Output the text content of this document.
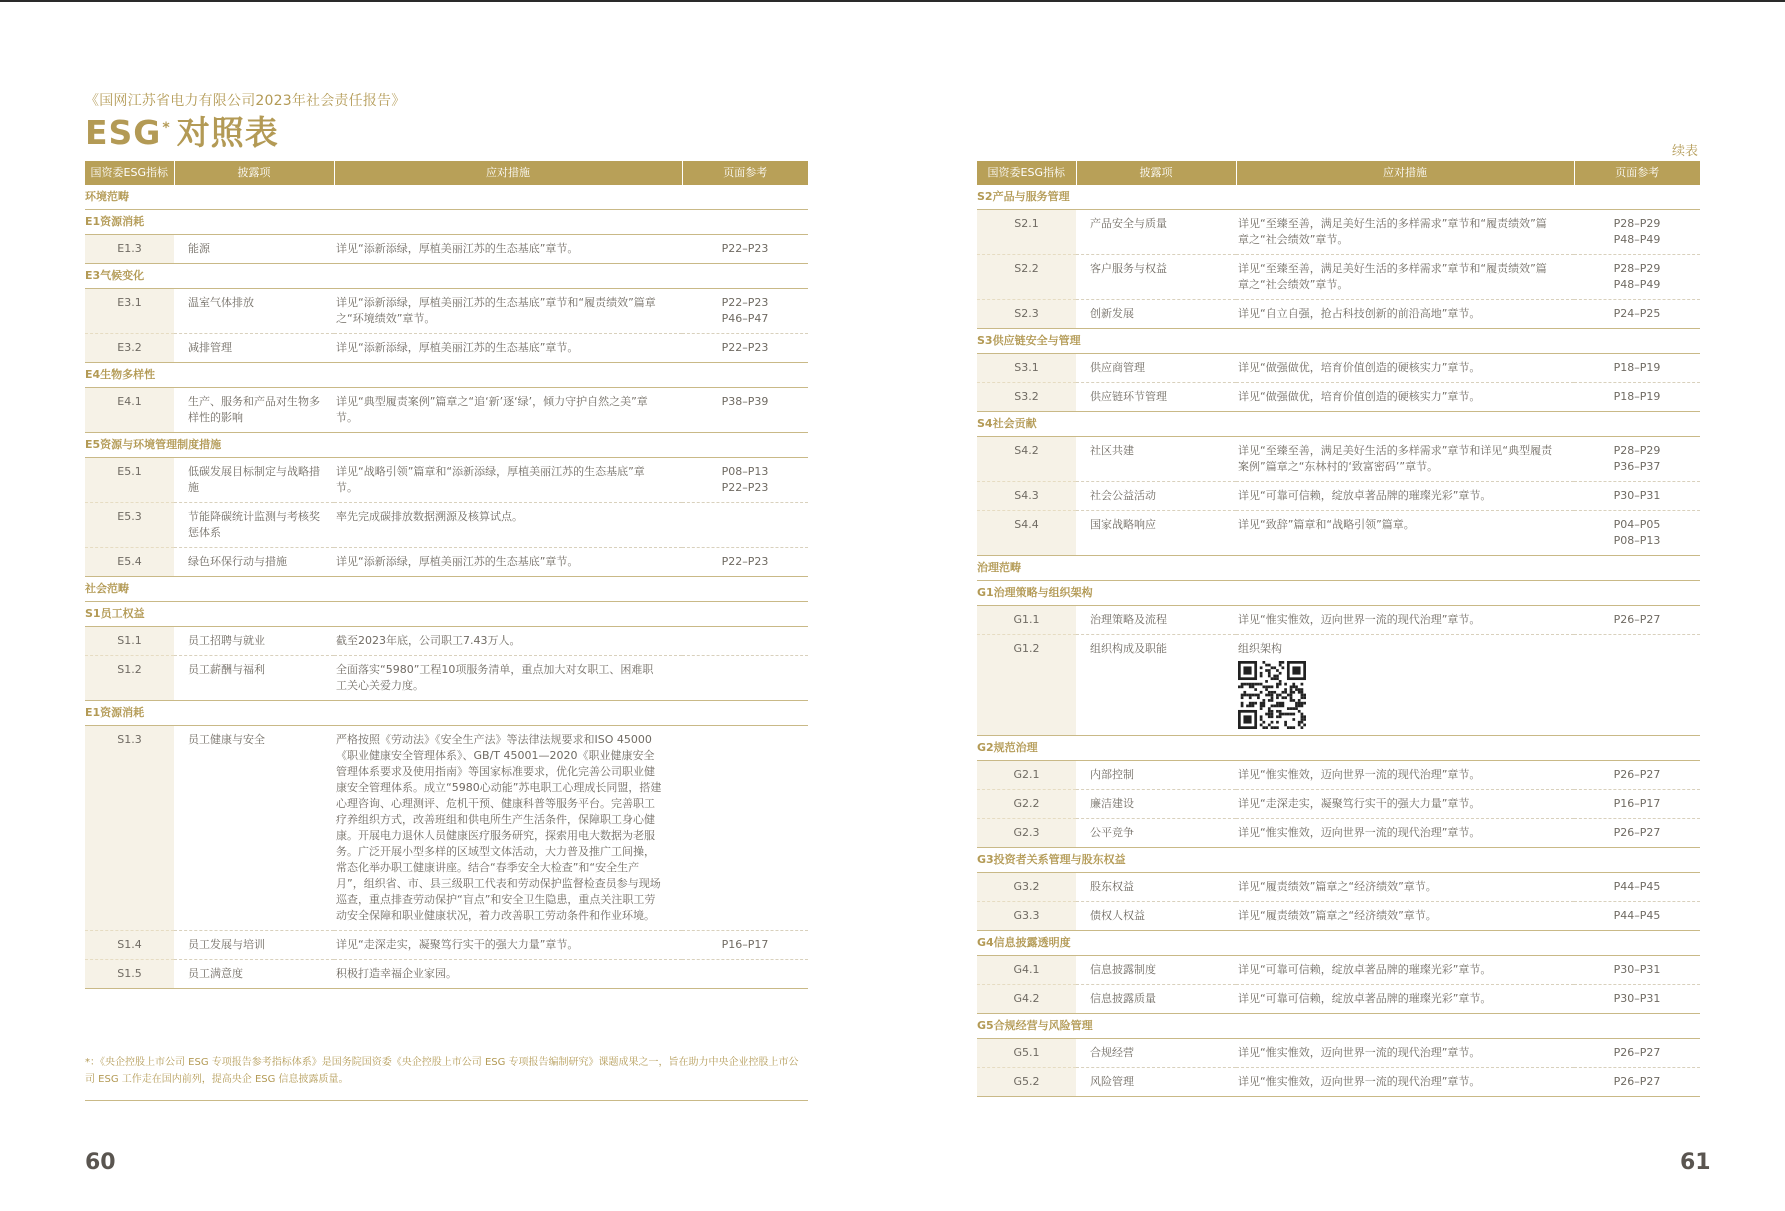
《国网江苏省电力有限公司2023年社会责任报告》
ESG* 对照表	续表
国资委ESG指标	披露项	应对措施	页面参考
环境范畴			
E1资源消耗			
E1.3	能源	详见“添新添绿，厚植美丽江苏的生态基底”章节。	P22–P23

E3气候变化			
E3.1	温室气体排放	详见“添新添绿，厚植美丽江苏的生态基底”章节和“履责绩效”篇章之“环境绩效”章节。	P22–P23
P46–P47

E3.2	减排管理	详见“添新添绿，厚植美丽江苏的生态基底”章节。	P22–P23

E4生物多样性			
E4.1	生产、服务和产品对生物多样性的影响	详见“典型履责案例”篇章之“追‘新’逐‘绿’，倾力守护自然之美”章节。	P38–P39

E5资源与环境管理制度措施			
E5.1	低碳发展目标制定与战略措施	详见“战略引领”篇章和“添新添绿，厚植美丽江苏的生态基底”章节。	P08–P13
P22–P23

E5.3	节能降碳统计监测与考核奖惩体系	率先完成碳排放数据溯源及核算试点。	
E5.4	绿色环保行动与措施	详见“添新添绿，厚植美丽江苏的生态基底”章节。	P22–P23

社会范畴			
S1员工权益			
S1.1	员工招聘与就业	截至2023年底，公司职工7.43万人。	
S1.2	员工薪酬与福利	全面落实“5980”工程10项服务清单，重点加大对女职工、困难职工关心关爱力度。	
E1资源消耗			
S1.3	员工健康与安全	严格按照《劳动法》《安全生产法》等法律法规要求和ISO 45000《职业健康安全管理体系》、GB/T 45001—2020《职业健康安全管理体系要求及使用指南》等国家标准要求，优化完善公司职业健康安全管理体系。成立“5980心动能”苏电职工心理成长同盟，搭建心理咨询、心理测评、危机干预、健康科普等服务平台。完善职工疗养组织方式，改善班组和供电所生产生活条件，保障职工身心健康。开展电力退休人员健康医疗服务研究，探索用电大数据为老服务。广泛开展小型多样的区域型文体活动，大力普及推广工间操，常态化举办职工健康讲座。结合“春季安全大检查”和“安全生产月”，组织省、市、县三级职工代表和劳动保护监督检查员参与现场巡查，重点排查劳动保护“盲点”和安全卫生隐患，重点关注职工劳动安全保障和职业健康状况，着力改善职工劳动条件和作业环境。	
S1.4	员工发展与培训	详见“走深走实，凝聚笃行实干的强大力量”章节。	P16–P17

S1.5	员工满意度	积极打造幸福企业家园。	
国资委ESG指标	披露项	应对措施	页面参考
S2产品与服务管理			
S2.1	产品安全与质量	详见“至臻至善，满足美好生活的多样需求”章节和“履责绩效”篇章之“社会绩效”章节。	P28–P29
P48–P49

S2.2	客户服务与权益	详见“至臻至善，满足美好生活的多样需求”章节和“履责绩效”篇章之“社会绩效”章节。	P28–P29
P48–P49

S2.3	创新发展	详见“自立自强，抢占科技创新的前沿高地”章节。	P24–P25

S3供应链安全与管理			
S3.1	供应商管理	详见“做强做优，培育价值创造的硬核实力”章节。	P18–P19

S3.2	供应链环节管理	详见“做强做优，培育价值创造的硬核实力”章节。	P18–P19

S4社会贡献			
S4.2	社区共建	详见“至臻至善，满足美好生活的多样需求”章节和详见“典型履责案例”篇章之“东林村的‘致富密码’”章节。	P28–P29
P36–P37

S4.3	社会公益活动	详见“可靠可信赖，绽放卓著品牌的璀璨光彩”章节。	P30–P31

S4.4	国家战略响应	详见“致辞”篇章和“战略引领”篇章。	P04–P05
P08–P13

治理范畴			
G1治理策略与组织架构			
G1.1	治理策略及流程	详见“惟实惟效，迈向世界一流的现代治理”章节。	P26–P27

G1.2	组织构成及职能	组织架构	

G2规范治理			
G2.1	内部控制	详见“惟实惟效，迈向世界一流的现代治理”章节。	P26–P27

G2.2	廉洁建设	详见“走深走实，凝聚笃行实干的强大力量”章节。	P16–P17

G2.3	公平竞争	详见“惟实惟效，迈向世界一流的现代治理”章节。	P26–P27

G3投资者关系管理与股东权益			
G3.2	股东权益	详见“履责绩效”篇章之“经济绩效”章节。	P44–P45

G3.3	债权人权益	详见“履责绩效”篇章之“经济绩效”章节。	P44–P45

G4信息披露透明度			
G4.1	信息披露制度	详见“可靠可信赖，绽放卓著品牌的璀璨光彩”章节。	P30–P31

G4.2	信息披露质量	详见“可靠可信赖，绽放卓著品牌的璀璨光彩”章节。	P30–P31

G5合规经营与风险管理			
G5.1	合规经营	详见“惟实惟效，迈向世界一流的现代治理”章节。	P26–P27

G5.2	风险管理	详见“惟实惟效，迈向世界一流的现代治理”章节。	P26–P27
*：《央企控股上市公司 ESG 专项报告参考指标体系》是国务院国资委《央企控股上市公司 ESG 专项报告编制研究》课题成果之一，旨在助力中央企业控股上市公司 ESG 工作走在国内前列，提高央企 ESG 信息披露质量。
60	61
